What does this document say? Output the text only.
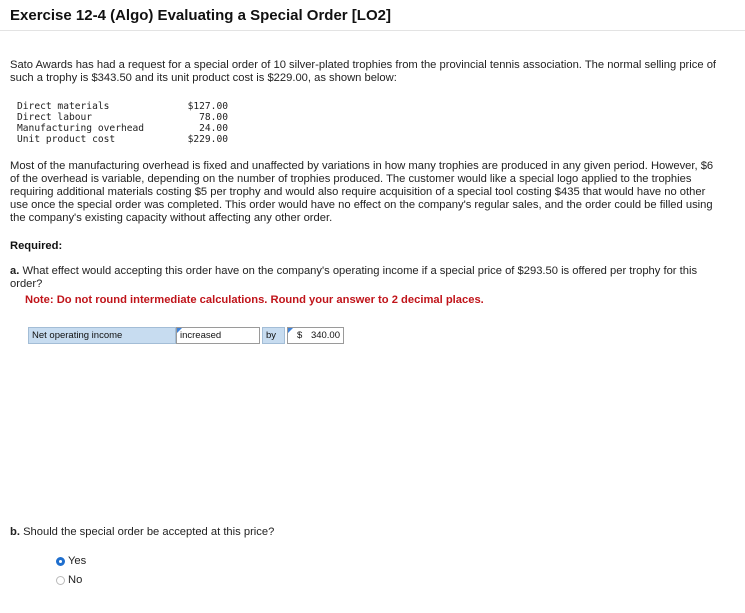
Exercise 12-4 (Algo) Evaluating a Special Order [LO2]
Sato Awards has had a request for a special order of 10 silver-plated trophies from the provincial tennis association. The normal selling price of such a trophy is $343.50 and its unit product cost is $229.00, as shown below:
Direct materials	$127.00
Direct labour	78.00
Manufacturing overhead	24.00
Unit product cost	$229.00
Most of the manufacturing overhead is fixed and unaffected by variations in how many trophies are produced in any given period. However, $6 of the overhead is variable, depending on the number of trophies produced. The customer would like a special logo applied to the trophies requiring additional materials costing $5 per trophy and would also require acquisition of a special tool costing $435 that would have no other use once the special order was completed. This order would have no effect on the company's regular sales, and the order could be filled using the company's existing capacity without affecting any other order.
Required:
a. What effect would accepting this order have on the company's operating income if a special price of $293.50 is offered per trophy for this order?
Note: Do not round intermediate calculations. Round your answer to 2 decimal places.
Net operating income	increased	by	$ 340.00
b. Should the special order be accepted at this price?
Yes
No
